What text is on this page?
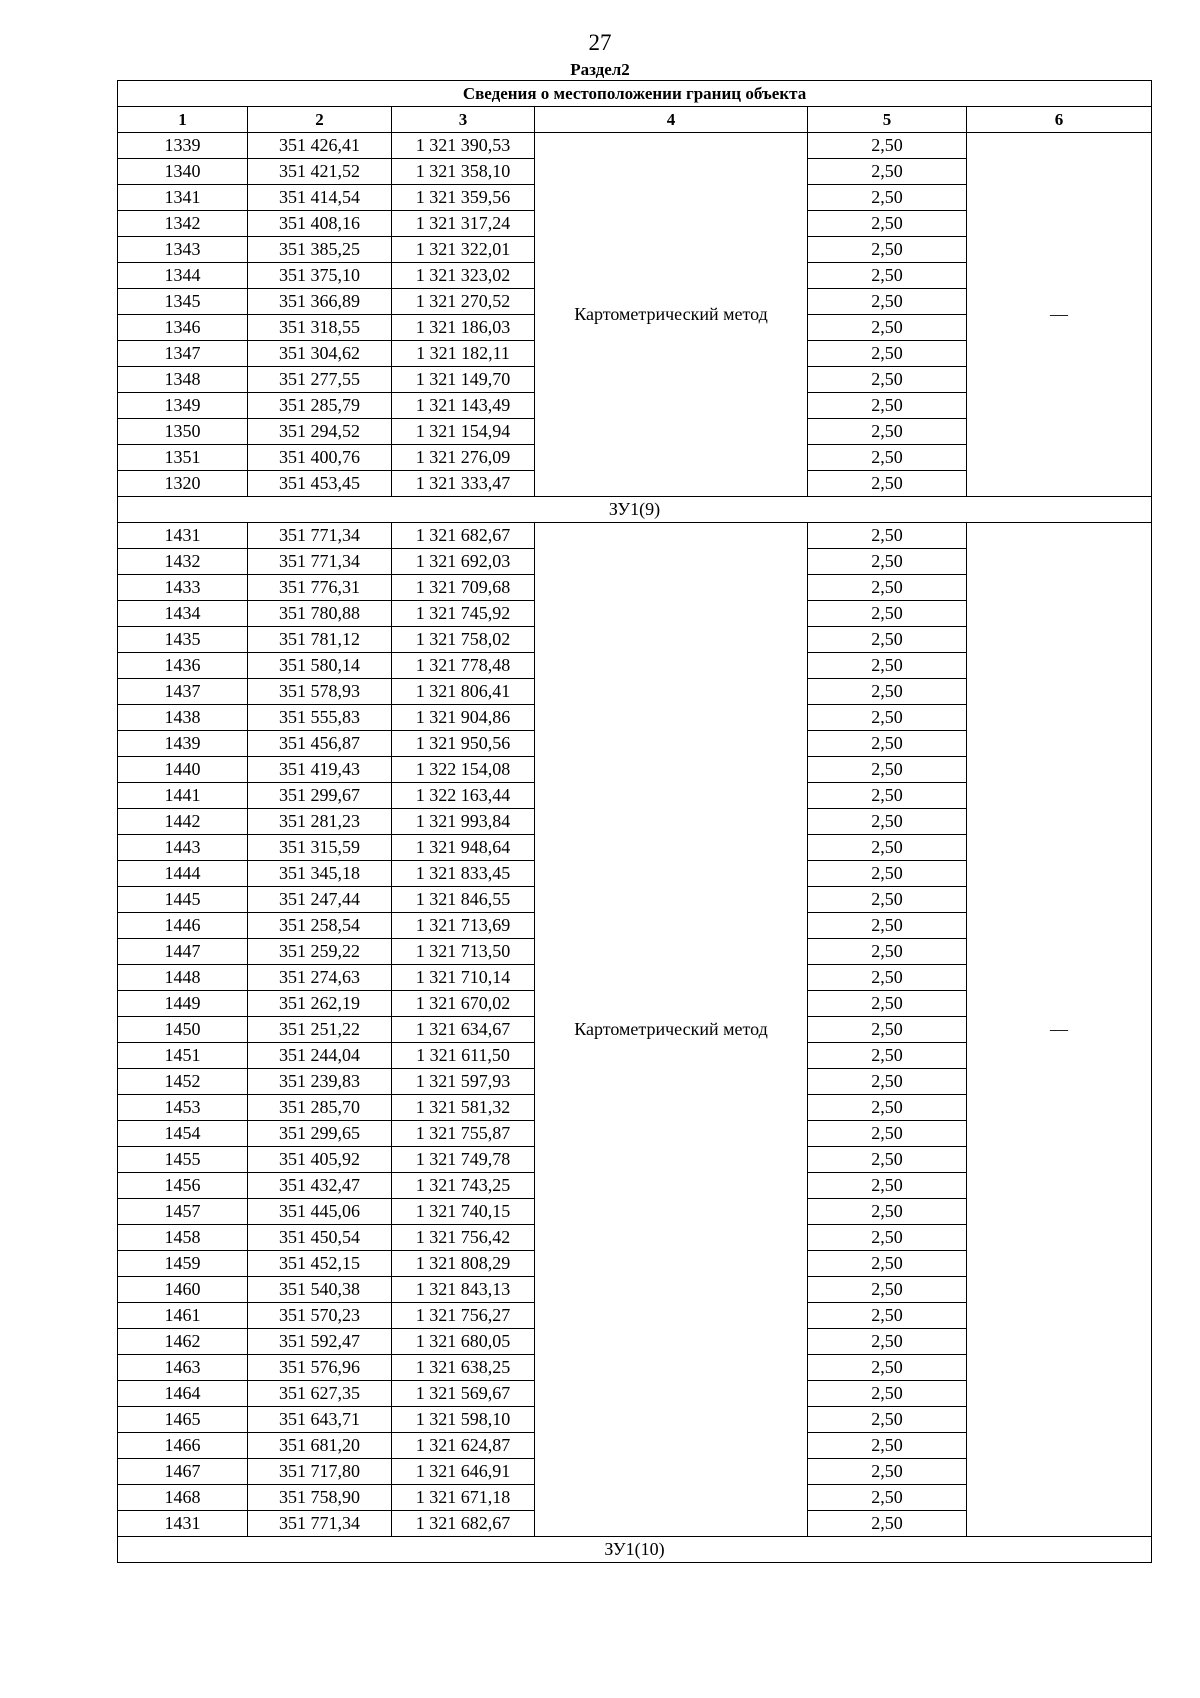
27
Раздел2
Сведения о местоположении границ объекта					
1	2	3	4	5	6
1339	351 426,41	1 321 390,53	Картометрический метод	2,50	—
1340	351 421,52	1 321 358,10		2,50	
1341	351 414,54	1 321 359,56		2,50	
1342	351 408,16	1 321 317,24		2,50	
1343	351 385,25	1 321 322,01		2,50	
1344	351 375,10	1 321 323,02		2,50	
1345	351 366,89	1 321 270,52		2,50	
1346	351 318,55	1 321 186,03		2,50	
1347	351 304,62	1 321 182,11		2,50	
1348	351 277,55	1 321 149,70		2,50	
1349	351 285,79	1 321 143,49		2,50	
1350	351 294,52	1 321 154,94		2,50	
1351	351 400,76	1 321 276,09		2,50	
1320	351 453,45	1 321 333,47		2,50	
ЗУ1(9)					
1431	351 771,34	1 321 682,67	Картометрический метод	2,50	—
1432	351 771,34	1 321 692,03		2,50	
1433	351 776,31	1 321 709,68		2,50	
1434	351 780,88	1 321 745,92		2,50	
1435	351 781,12	1 321 758,02		2,50	
1436	351 580,14	1 321 778,48		2,50	
1437	351 578,93	1 321 806,41		2,50	
1438	351 555,83	1 321 904,86		2,50	
1439	351 456,87	1 321 950,56		2,50	
1440	351 419,43	1 322 154,08		2,50	
1441	351 299,67	1 322 163,44		2,50	
1442	351 281,23	1 321 993,84		2,50	
1443	351 315,59	1 321 948,64		2,50	
1444	351 345,18	1 321 833,45		2,50	
1445	351 247,44	1 321 846,55		2,50	
1446	351 258,54	1 321 713,69		2,50	
1447	351 259,22	1 321 713,50		2,50	
1448	351 274,63	1 321 710,14		2,50	
1449	351 262,19	1 321 670,02		2,50	
1450	351 251,22	1 321 634,67		2,50	
1451	351 244,04	1 321 611,50		2,50	
1452	351 239,83	1 321 597,93		2,50	
1453	351 285,70	1 321 581,32		2,50	
1454	351 299,65	1 321 755,87		2,50	
1455	351 405,92	1 321 749,78		2,50	
1456	351 432,47	1 321 743,25		2,50	
1457	351 445,06	1 321 740,15		2,50	
1458	351 450,54	1 321 756,42		2,50	
1459	351 452,15	1 321 808,29		2,50	
1460	351 540,38	1 321 843,13		2,50	
1461	351 570,23	1 321 756,27		2,50	
1462	351 592,47	1 321 680,05		2,50	
1463	351 576,96	1 321 638,25		2,50	
1464	351 627,35	1 321 569,67		2,50	
1465	351 643,71	1 321 598,10		2,50	
1466	351 681,20	1 321 624,87		2,50	
1467	351 717,80	1 321 646,91		2,50	
1468	351 758,90	1 321 671,18		2,50	
1431	351 771,34	1 321 682,67		2,50	
ЗУ1(10)					
